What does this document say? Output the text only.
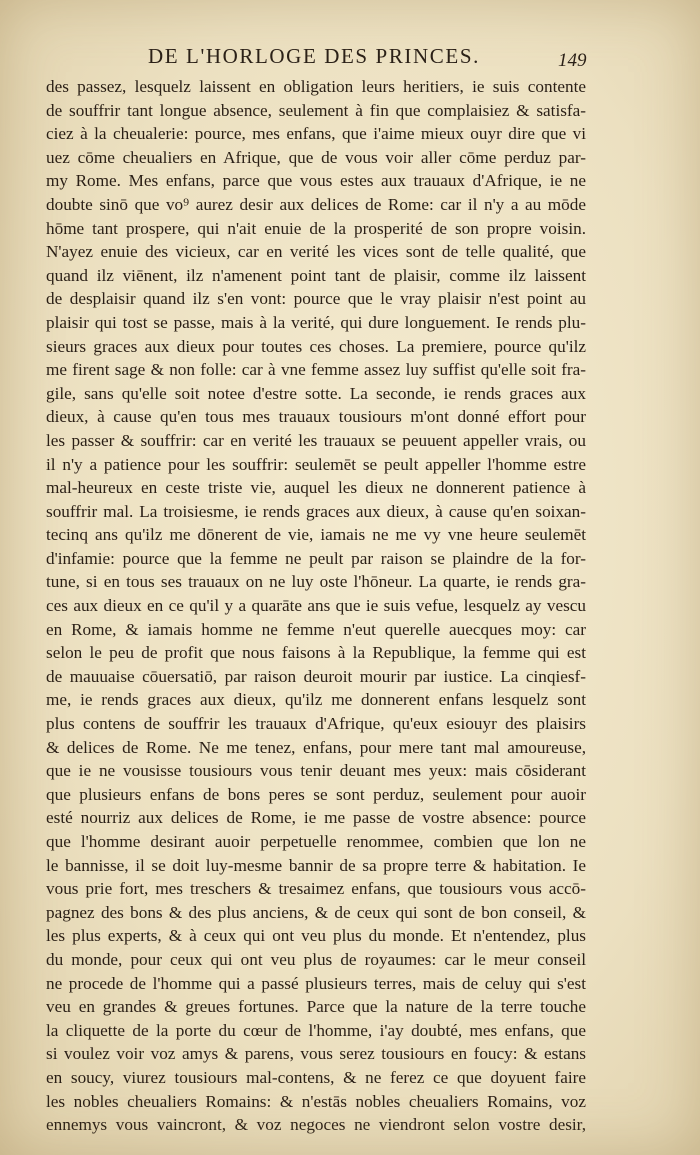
DE L'HORLOGE DES PRINCES.	149
des passez, lesquelz laissent en obligation leurs heritiers, ie suis contente
de souffrir tant longue absence, seulement à fin que complaisiez & satisfa-
ciez à la cheualerie: pource, mes enfans, que i'aime mieux ouyr dire que vi
uez cōme cheualiers en Afrique, que de vous voir aller cōme perduz par-
my Rome. Mes enfans, parce que vous estes aux trauaux d'Afrique, ie ne
doubte sinō que vo⁹ aurez desir aux delices de Rome: car il n'y a au mōde
hōme tant prospere, qui n'ait enuie de la prosperité de son propre voisin.
N'ayez enuie des vicieux, car en verité les vices sont de telle qualité, que
quand ilz viēnent, ilz n'amenent point tant de plaisir, comme ilz laissent
de desplaisir quand ilz s'en vont: pource que le vray plaisir n'est point au
plaisir qui tost se passe, mais à la verité, qui dure longuement. Ie rends plu-
sieurs graces aux dieux pour toutes ces choses. La premiere, pource qu'ilz
me firent sage & non folle: car à vne femme assez luy suffist qu'elle soit fra-
gile, sans qu'elle soit notee d'estre sotte. La seconde, ie rends graces aux
dieux, à cause qu'en tous mes trauaux tousiours m'ont donné effort pour
les passer & souffrir: car en verité les trauaux se peuuent appeller vrais, ou
il n'y a patience pour les souffrir: seulemēt se peult appeller l'homme estre
mal-heureux en ceste triste vie, auquel les dieux ne donnerent patience à
souffrir mal. La troisiesme, ie rends graces aux dieux, à cause qu'en soixan-
tecinq ans qu'ilz me dōnerent de vie, iamais ne me vy vne heure seulemēt
d'infamie: pource que la femme ne peult par raison se plaindre de la for-
tune, si en tous ses trauaux on ne luy oste l'hōneur. La quarte, ie rends gra-
ces aux dieux en ce qu'il y a quarāte ans que ie suis vefue, lesquelz ay vescu
en Rome, & iamais homme ne femme n'eut querelle auecques moy: car
selon le peu de profit que nous faisons à la Republique, la femme qui est
de mauuaise cōuersatiō, par raison deuroit mourir par iustice. La cinqiesf-
me, ie rends graces aux dieux, qu'ilz me donnerent enfans lesquelz sont
plus contens de souffrir les trauaux d'Afrique, qu'eux esiouyr des plaisirs
& delices de Rome. Ne me tenez, enfans, pour mere tant mal amoureuse,
que ie ne vousisse tousiours vous tenir deuant mes yeux: mais cōsiderant
que plusieurs enfans de bons peres se sont perduz, seulement pour auoir
esté nourriz aux delices de Rome, ie me passe de vostre absence: pource
que l'homme desirant auoir perpetuelle renommee, combien que lon ne
le bannisse, il se doit luy-mesme bannir de sa propre terre & habitation. Ie
vous prie fort, mes treschers & tresaimez enfans, que tousiours vous accō-
pagnez des bons & des plus anciens, & de ceux qui sont de bon conseil, &
les plus experts, & à ceux qui ont veu plus du monde. Et n'entendez, plus
du monde, pour ceux qui ont veu plus de royaumes: car le meur conseil
ne procede de l'homme qui a passé plusieurs terres, mais de celuy qui s'est
veu en grandes & greues fortunes. Parce que la nature de la terre touche
la cliquette de la porte du cœur de l'homme, i'ay doubté, mes enfans, que
si voulez voir voz amys & parens, vous serez tousiours en foucy: & estans
en soucy, viurez tousiours mal-contens, & ne ferez ce que doyuent faire
les nobles cheualiers Romains: & n'estās nobles cheualiers Romains, voz
ennemys vous vaincront, & voz negoces ne viendront selon vostre desir,
